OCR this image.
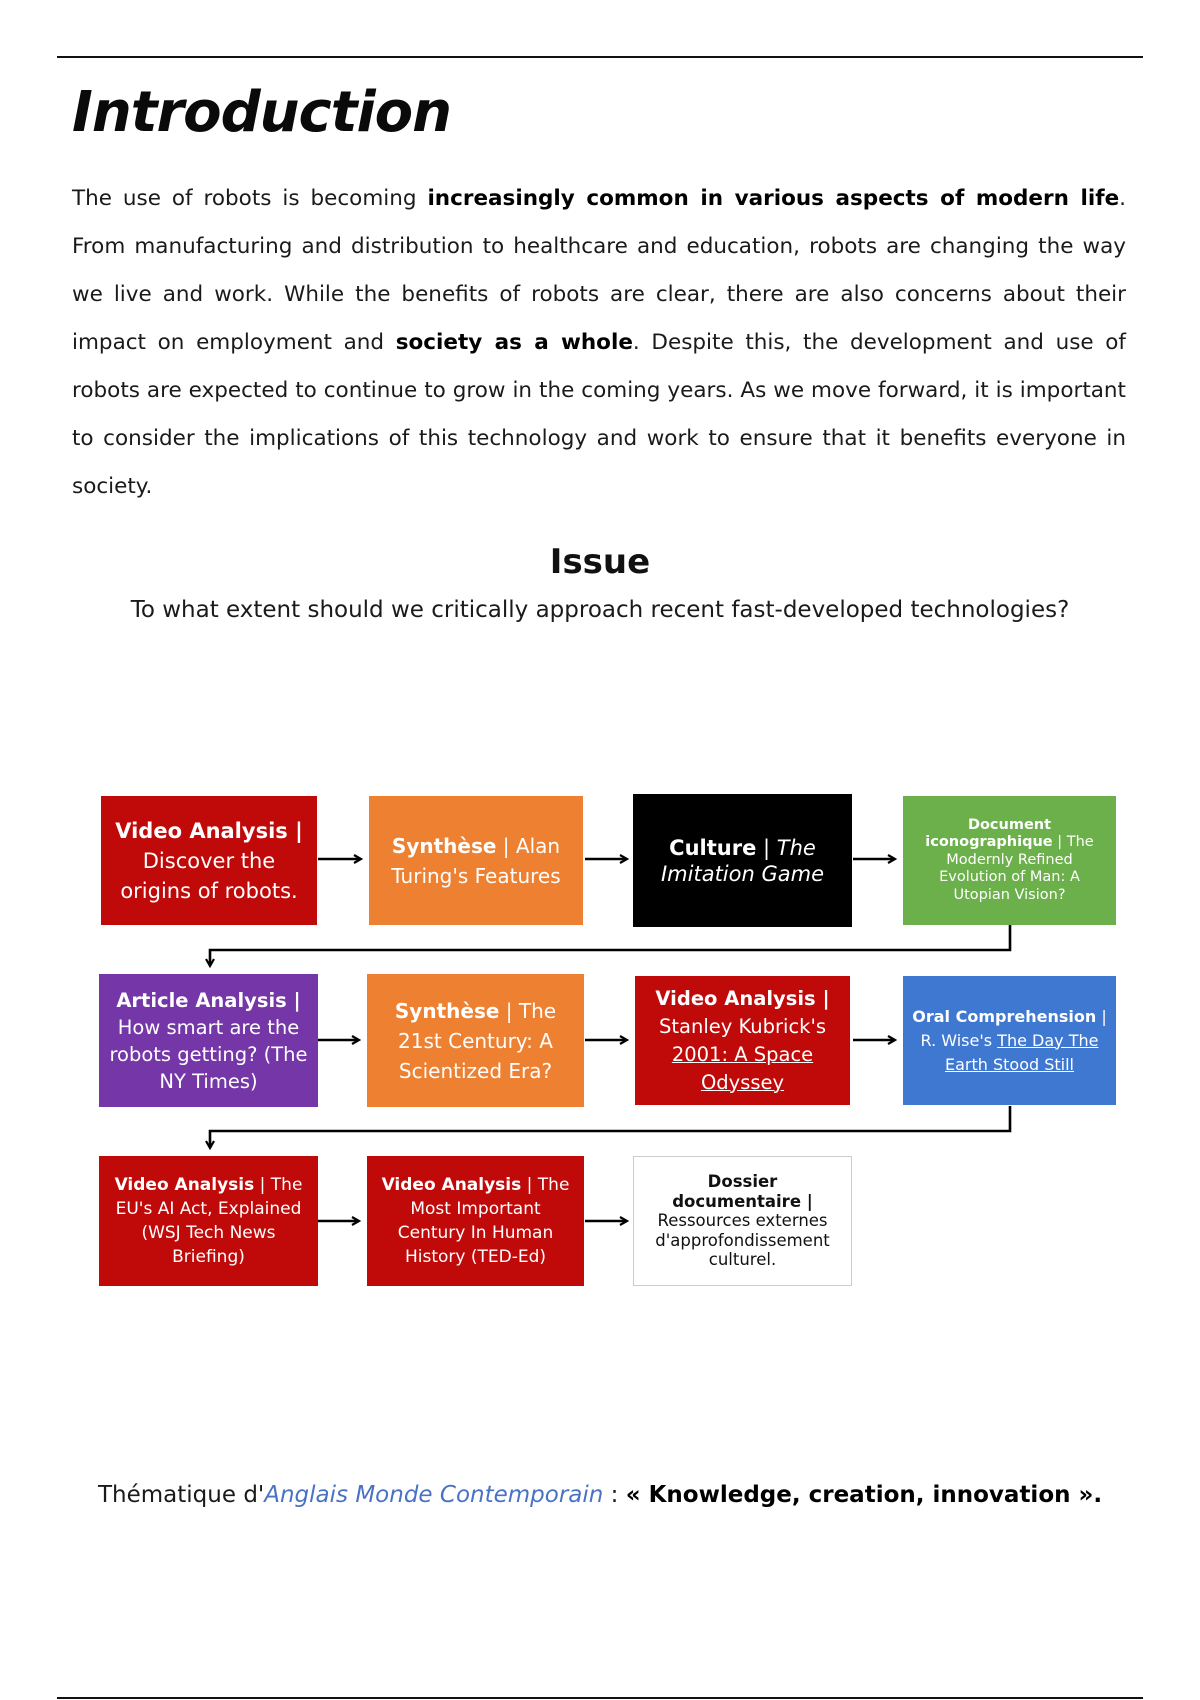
Introduction

The use of robots is becoming increasingly common in various aspects of modern life. From manufacturing and distribution to healthcare and education, robots are changing the way we live and work. While the benefits of robots are clear, there are also concerns about their impact on employment and society as a whole. Despite this, the development and use of robots are expected to continue to grow in the coming years. As we move forward, it is important to consider the implications of this technology and work to ensure that it benefits everyone in society.

Issue
To what extent should we critically approach recent fast-developed technologies?
Video Analysis |
Discover the origins of robots.
Synthèse | Alan Turing's Features
Culture | The Imitation Game
Document iconographique | The Modernly Refined Evolution of Man: A Utopian Vision?
Article Analysis |
How smart are the robots getting? (The NY Times)
Synthèse | The 21st Century: A Scientized Era?
Video Analysis |
Stanley Kubrick's 2001: A Space Odyssey
Oral Comprehension | R. Wise's The Day The Earth Stood Still
Video Analysis | The EU's AI Act, Explained (WSJ Tech News Briefing)
Video Analysis | The Most Important Century In Human History (TED-Ed)
Dossier documentaire |
Ressources externes d'approfondissement culturel.
Thématique d'Anglais Monde Contemporain : « Knowledge, creation, innovation ».
